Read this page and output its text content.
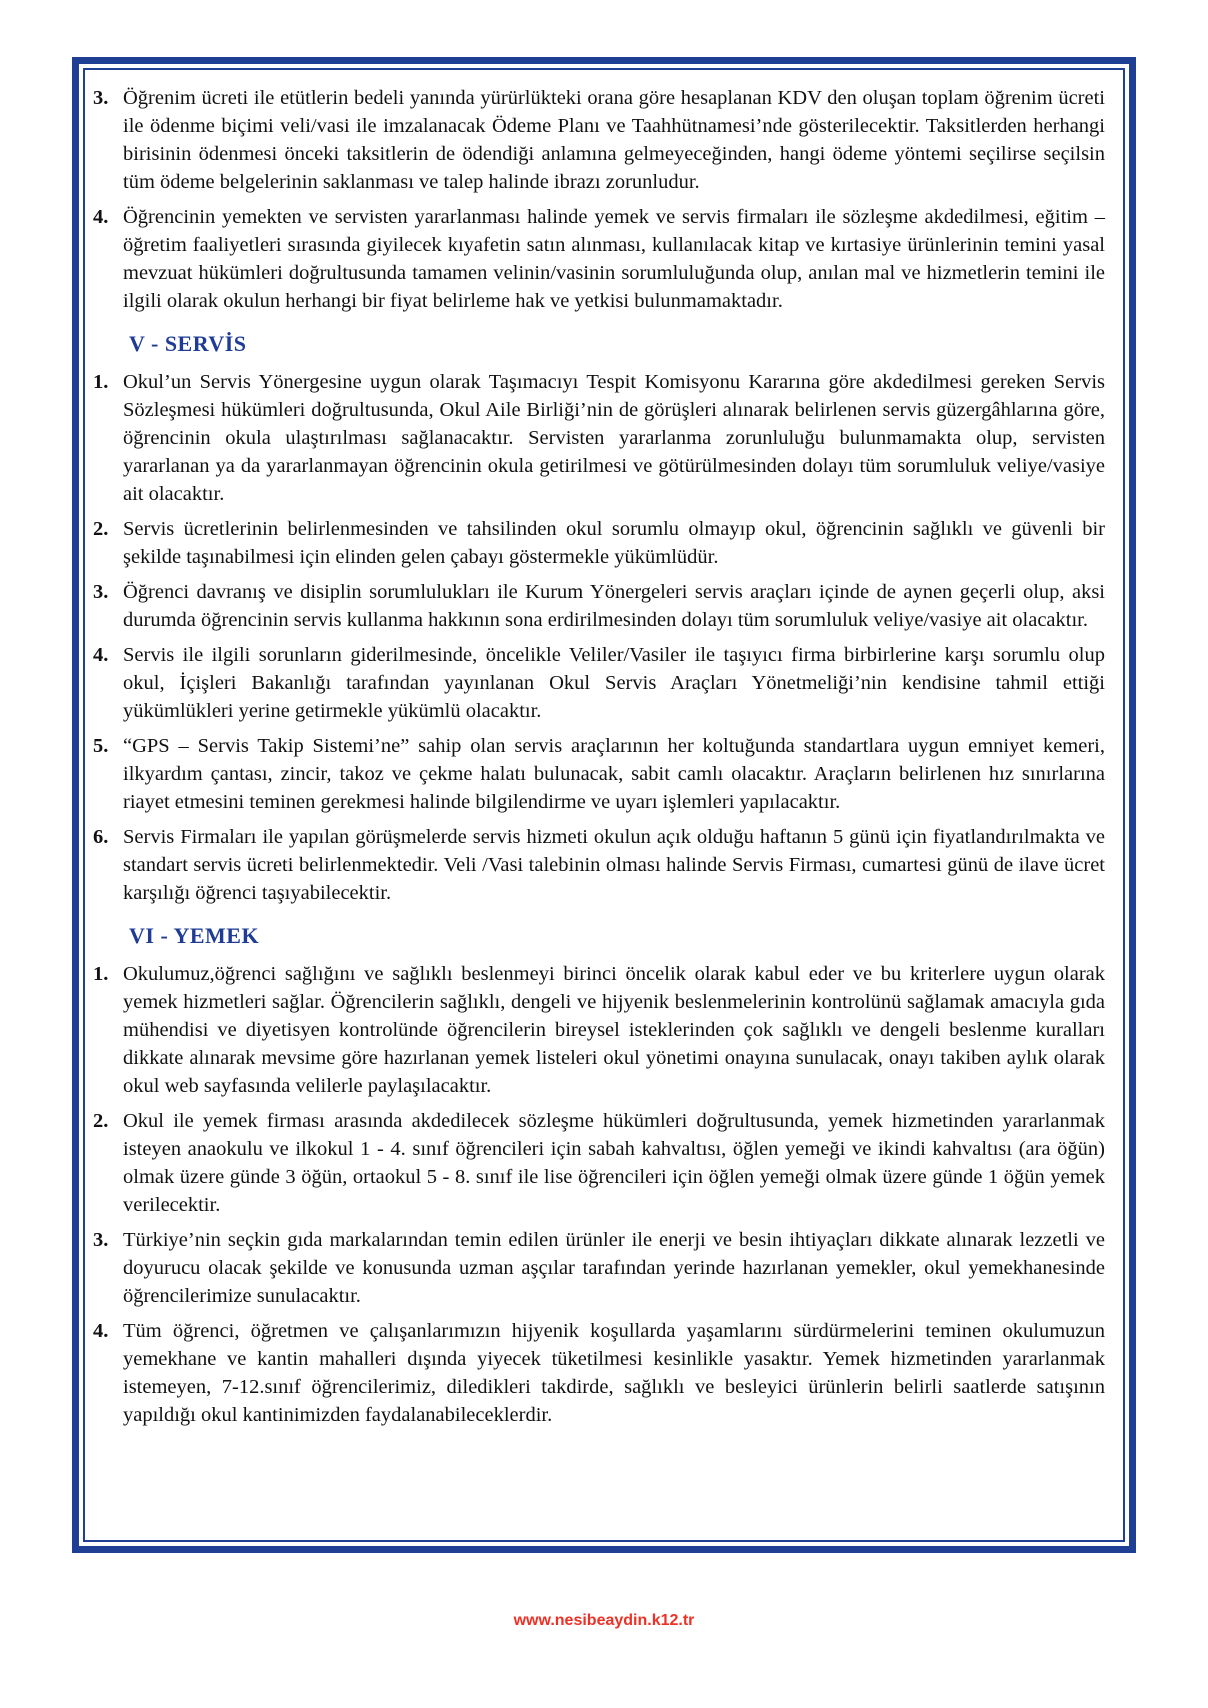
3. Öğrenim ücreti ile etütlerin bedeli yanında yürürlükteki orana göre hesaplanan KDV den oluşan toplam öğrenim ücreti ile ödenme biçimi veli/vasi ile imzalanacak Ödeme Planı ve Taahhütnamesi’nde gösterilecektir. Taksitlerden herhangi birisinin ödenmesi önceki taksitlerin de ödendiği anlamına gelmeyeceğinden, hangi ödeme yöntemi seçilirse seçilsin tüm ödeme belgelerinin saklanması ve talep halinde ibrazı zorunludur.
4. Öğrencinin yemekten ve servisten yararlanması halinde yemek ve servis firmaları ile sözleşme akdedilmesi, eğitim – öğretim faaliyetleri sırasında giyilecek kıyafetin satın alınması, kullanılacak kitap ve kırtasiye ürünlerinin temini yasal mevzuat hükümleri doğrultusunda tamamen velinin/vasinin sorumluluğunda olup, anılan mal ve hizmetlerin temini ile ilgili olarak okulun herhangi bir fiyat belirleme hak ve yetkisi bulunmamaktadır.
V - SERVİS
1. Okul’un Servis Yönergesine uygun olarak Taşımacıyı Tespit Komisyonu Kararına göre akdedilmesi gereken Servis Sözleşmesi hükümleri doğrultusunda, Okul Aile Birliği’nin de görüşleri alınarak belirlenen servis güzergâhlarına göre, öğrencinin okula ulaştırılması sağlanacaktır. Servisten yararlanma zorunluluğu bulunmamakta olup, servisten yararlanan ya da yararlanmayan öğrencinin okula getirilmesi ve götürülmesinden dolayı tüm sorumluluk veliye/vasiye ait olacaktır.
2. Servis ücretlerinin belirlenmesinden ve tahsilinden okul sorumlu olmayıp okul, öğrencinin sağlıklı ve güvenli bir şekilde taşınabilmesi için elinden gelen çabayı göstermekle yükümlüdür.
3. Öğrenci davranış ve disiplin sorumlulukları ile Kurum Yönergeleri servis araçları içinde de aynen geçerli olup, aksi durumda öğrencinin servis kullanma hakkının sona erdirilmesinden dolayı tüm sorumluluk veliye/vasiye ait olacaktır.
4. Servis ile ilgili sorunların giderilmesinde, öncelikle Veliler/Vasiler ile taşıyıcı firma birbirlerine karşı sorumlu olup okul, İçişleri Bakanlığı tarafından yayınlanan Okul Servis Araçları Yönetmeliği’nin kendisine tahmil ettiği yükümlükleri yerine getirmekle yükümlü olacaktır.
5. “GPS – Servis Takip Sistemi’ne” sahip olan servis araçlarının her koltuğunda standartlara uygun emniyet kemeri, ilkyardım çantası, zincir, takoz ve çekme halatı bulunacak, sabit camlı olacaktır. Araçların belirlenen hız sınırlarına riayet etmesini teminen gerekmesi halinde bilgilendirme ve uyarı işlemleri yapılacaktır.
6. Servis Firmaları ile yapılan görüşmelerde servis hizmeti okulun açık olduğu haftanın 5 günü için fiyatlandırılmakta ve standart servis ücreti belirlenmektedir. Veli /Vasi talebinin olması halinde Servis Firması, cumartesi günü de ilave ücret karşılığı öğrenci taşıyabilecektir.
VI - YEMEK
1. Okulumuz,öğrenci sağlığını ve sağlıklı beslenmeyi birinci öncelik olarak kabul eder ve bu kriterlere uygun olarak yemek hizmetleri sağlar. Öğrencilerin sağlıklı, dengeli ve hijyenik beslenmelerinin kontrolünü sağlamak amacıyla gıda mühendisi ve diyetisyen kontrolünde öğrencilerin bireysel isteklerinden çok sağlıklı ve dengeli beslenme kuralları dikkate alınarak mevsime göre hazırlanan yemek listeleri okul yönetimi onayına sunulacak, onayı takiben aylık olarak okul web sayfasında velilerle paylaşılacaktır.
2. Okul ile yemek firması arasında akdedilecek sözleşme hükümleri doğrultusunda, yemek hizmetinden yararlanmak isteyen anaokulu ve ilkokul 1 - 4. sınıf öğrencileri için sabah kahvaltısı, öğlen yemeği ve ikindi kahvaltısı (ara öğün) olmak üzere günde 3 öğün, ortaokul 5 - 8. sınıf ile lise öğrencileri için öğlen yemeği olmak üzere günde 1 öğün yemek verilecektir.
3. Türkiye’nin seçkin gıda markalarından temin edilen ürünler ile enerji ve besin ihtiyaçları dikkate alınarak lezzetli ve doyurucu olacak şekilde ve konusunda uzman aşçılar tarafından yerinde hazırlanan yemekler, okul yemekhanesinde öğrencilerimize sunulacaktır.
4. Tüm öğrenci, öğretmen ve çalışanlarımızın hijyenik koşullarda yaşamlarını sürdürmelerini teminen okulumuzun yemekhane ve kantin mahalleri dışında yiyecek tüketilmesi kesinlikle yasaktır. Yemek hizmetinden yararlanmak istemeyen, 7-12.sınıf öğrencilerimiz, diledikleri takdirde, sağlıklı ve besleyici ürünlerin belirli saatlerde satışının yapıldığı okul kantinimizden faydalanabileceklerdir.
www.nesibeaydin.k12.tr
